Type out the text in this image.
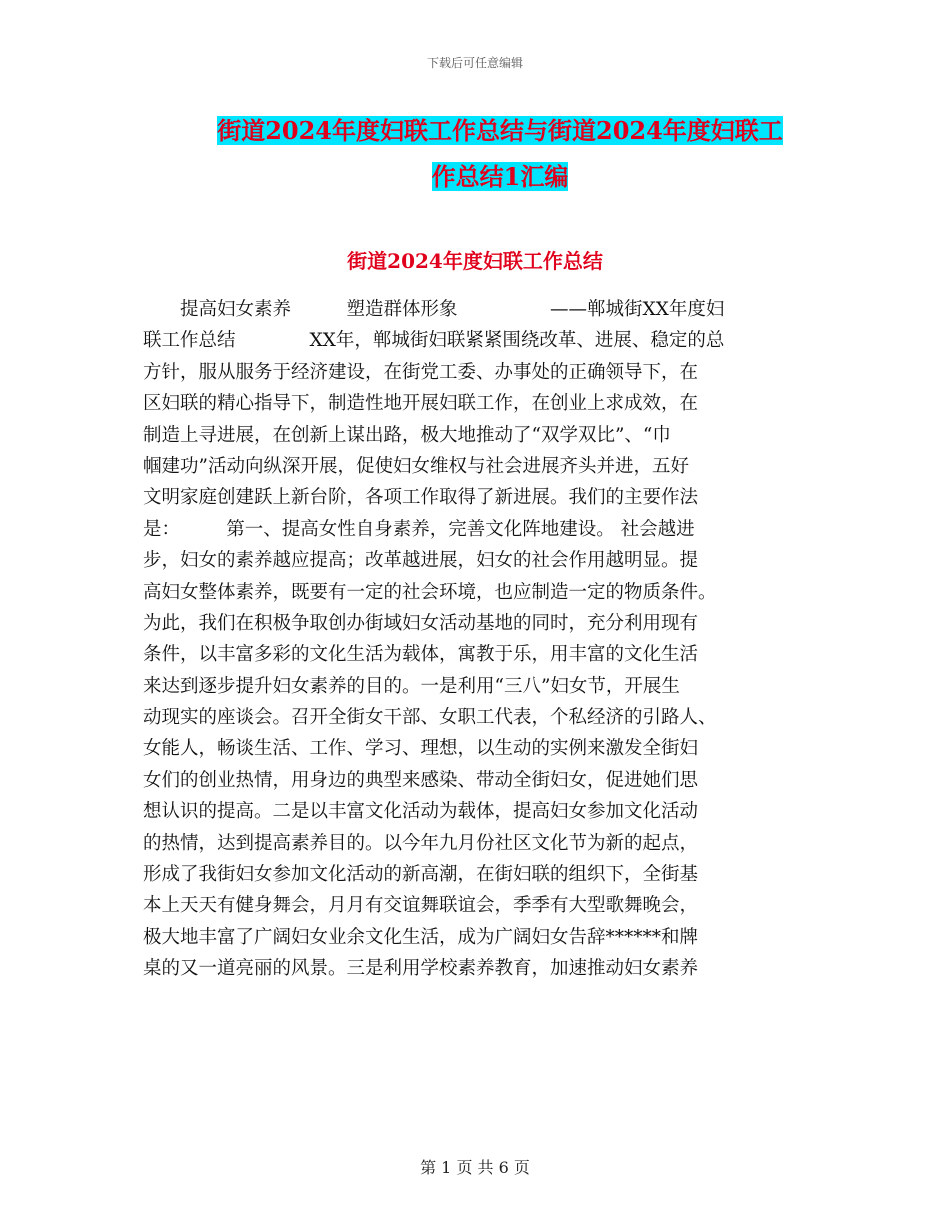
下载后可任意编辑
街道2024年度妇联工作总结与街道2024年度妇联工
作总结1汇编
街道2024年度妇联工作总结
　　提高妇女素养　　　塑造群体形象　　　　　——郸城街XX年度妇
联工作总结　　　　XX年，郸城街妇联紧紧围绕改革、进展、稳定的总
方针，服从服务于经济建设，在街党工委、办事处的正确领导下，在
区妇联的精心指导下，制造性地开展妇联工作，在创业上求成效，在
制造上寻进展，在创新上谋出路，极大地推动了“双学双比”、“巾
帼建功”活动向纵深开展，促使妇女维权与社会进展齐头并进，五好
文明家庭创建跃上新台阶，各项工作取得了新进展。我们的主要作法
是：　　　第一、提高女性自身素养，完善文化阵地建设。 社会越进
步，妇女的素养越应提高；改革越进展，妇女的社会作用越明显。提
高妇女整体素养，既要有一定的社会环境，也应制造一定的物质条件。
为此，我们在积极争取创办街域妇女活动基地的同时，充分利用现有
条件，以丰富多彩的文化生活为载体，寓教于乐，用丰富的文化生活
来达到逐步提升妇女素养的目的。一是利用“三八”妇女节，开展生
动现实的座谈会。召开全街女干部、女职工代表，个私经济的引路人、
女能人，畅谈生活、工作、学习、理想，以生动的实例来激发全街妇
女们的创业热情，用身边的典型来感染、带动全街妇女，促进她们思
想认识的提高。二是以丰富文化活动为载体，提高妇女参加文化活动
的热情，达到提高素养目的。以今年九月份社区文化节为新的起点，
形成了我街妇女参加文化活动的新高潮，在街妇联的组织下，全街基
本上天天有健身舞会，月月有交谊舞联谊会，季季有大型歌舞晚会，
极大地丰富了广阔妇女业余文化生活，成为广阔妇女告辞******和牌
桌的又一道亮丽的风景。三是利用学校素养教育，加速推动妇女素养
第 1 页 共 6 页
